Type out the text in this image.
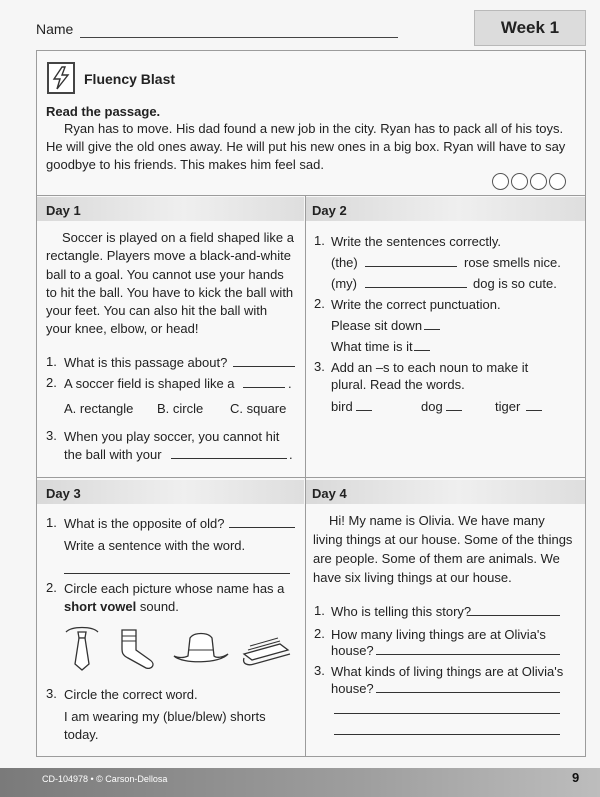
Name	Week 1
Fluency Blast
Read the passage.
Ryan has to move. His dad found a new job in the city. Ryan has to pack all of his toys. He will give the old ones away. He will put his new ones in a big box. Ryan will have to say goodbye to his friends. This makes him feel sad.
Day 1
Soccer is played on a field shaped like a rectangle. Players move a black-and-white ball to a goal. You cannot use your hands to hit the ball. You have to kick the ball with your feet. You can also hit the ball with your knee, elbow, or head!
1. What is this passage about?
2. A soccer field is shaped like a	.
A. rectangle B. circle C. square
3. When you play soccer, you cannot hit
the ball with your	.
Day 2
1. Write the sentences correctly.
(the)	rose smells nice.
(my)	dog is so cute.
2. Write the correct punctuation.
Please sit down
What time is it
3. Add an –s to each noun to make it
plural. Read the words.
bird	dog	tiger
Day 3
1. What is the opposite of old?
Write a sentence with the word.
2. Circle each picture whose name has a
short vowel sound.
3. Circle the correct word.
I am wearing my (blue/blew) shorts
today.
Day 4
Hi! My name is Olivia. We have many living things at our house. Some of the things are people. Some of them are animals. We have six living things at our house.
1. Who is telling this story?
2. How many living things are at Olivia's
house?
3. What kinds of living things are at Olivia's
house?
CD-104978 • © Carson-Dellosa	9
